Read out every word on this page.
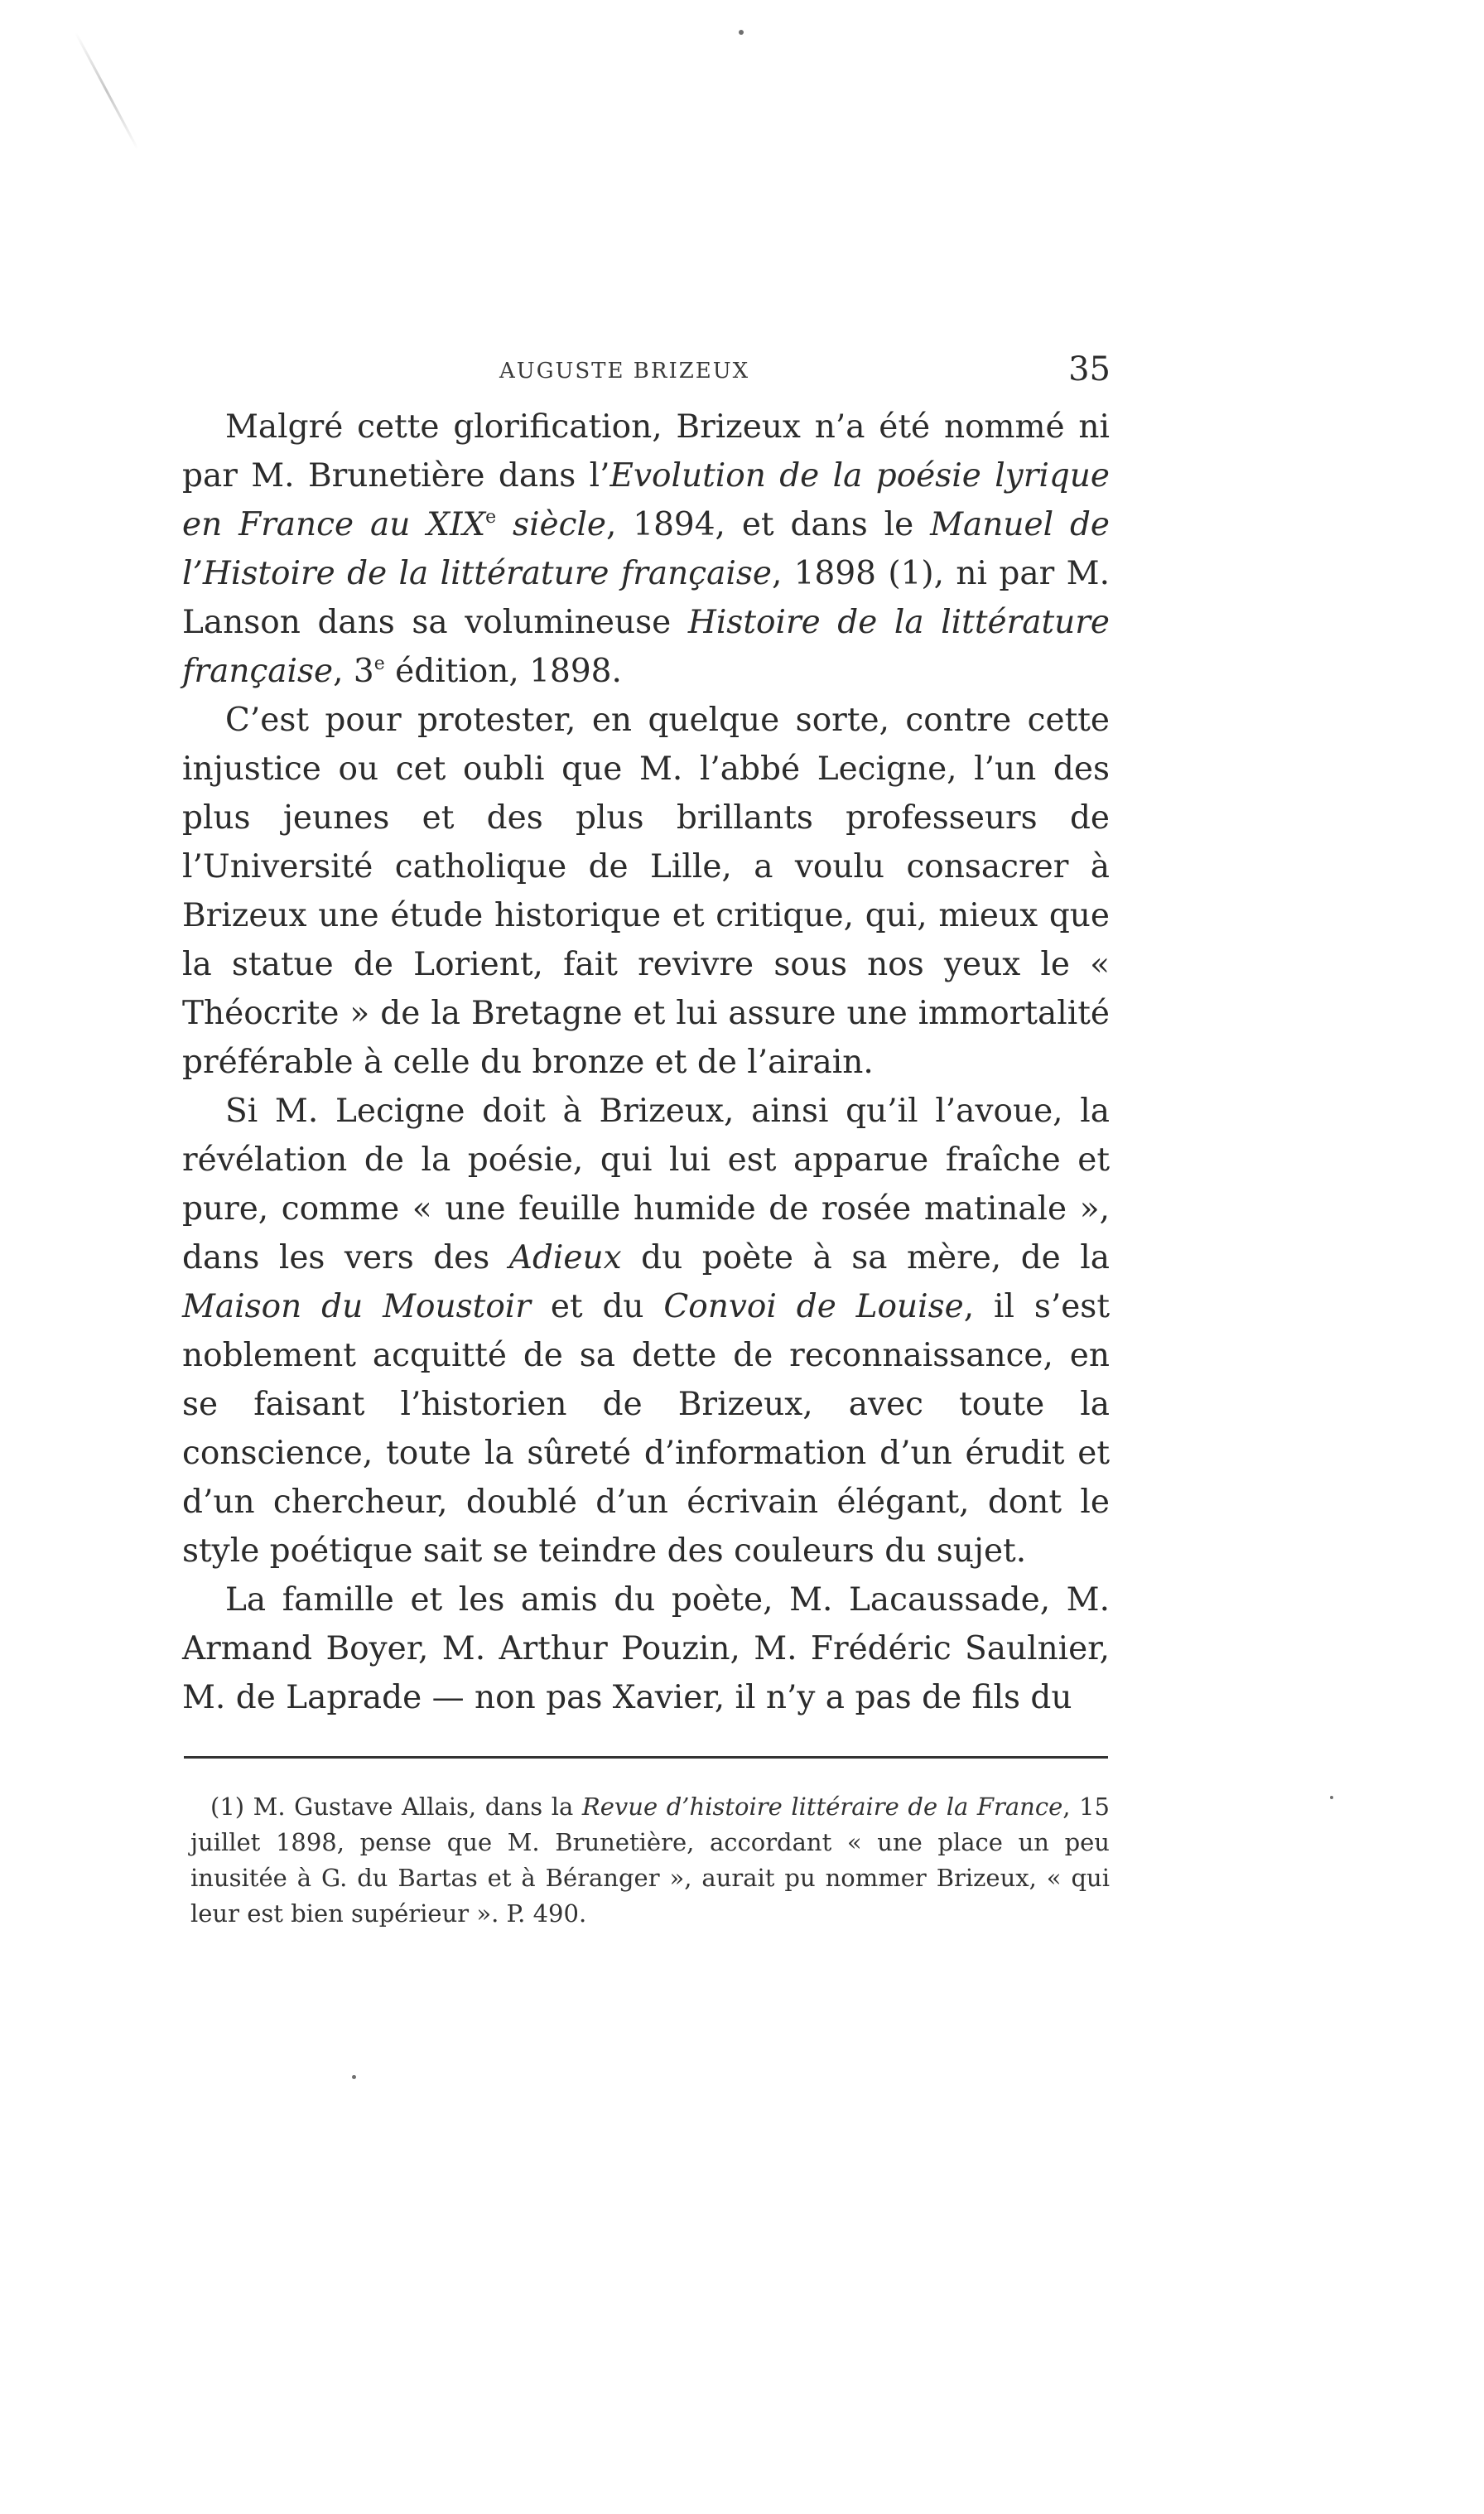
AUGUSTE BRIZEUX	35

Malgré cette glorification, Brizeux n’a été nommé ni par M. Brunetière dans l’Evolution de la poésie lyrique en France au XIXe siècle, 1894, et dans le Manuel de l’Histoire de la littérature française, 1898 (1), ni par M. Lanson dans sa volumineuse Histoire de la littérature française, 3e édition, 1898.

C’est pour protester, en quelque sorte, contre cette injustice ou cet oubli que M. l’abbé Lecigne, l’un des plus jeunes et des plus brillants professeurs de l’Université catholique de Lille, a voulu consacrer à Brizeux une étude historique et critique, qui, mieux que la statue de Lorient, fait revivre sous nos yeux le « Théocrite » de la Bretagne et lui assure une immortalité préférable à celle du bronze et de l’airain.

Si M. Lecigne doit à Brizeux, ainsi qu’il l’avoue, la révélation de la poésie, qui lui est apparue fraîche et pure, comme « une feuille humide de rosée matinale », dans les vers des Adieux du poète à sa mère, de la Maison du Moustoir et du Convoi de Louise, il s’est noblement acquitté de sa dette de reconnaissance, en se faisant l’historien de Brizeux, avec toute la conscience, toute la sûreté d’information d’un érudit et d’un chercheur, doublé d’un écrivain élégant, dont le style poétique sait se teindre des couleurs du sujet.

La famille et les amis du poète, M. Lacaussade, M. Armand Boyer, M. Arthur Pouzin, M. Frédéric Saulnier, M. de Laprade — non pas Xavier, il n’y a pas de fils du

(1) M. Gustave Allais, dans la Revue d’histoire littéraire de la France, 15 juillet 1898, pense que M. Brunetière, accordant « une place un peu inusitée à G. du Bartas et à Béranger », aurait pu nommer Brizeux, « qui leur est bien supérieur ». P. 490.
